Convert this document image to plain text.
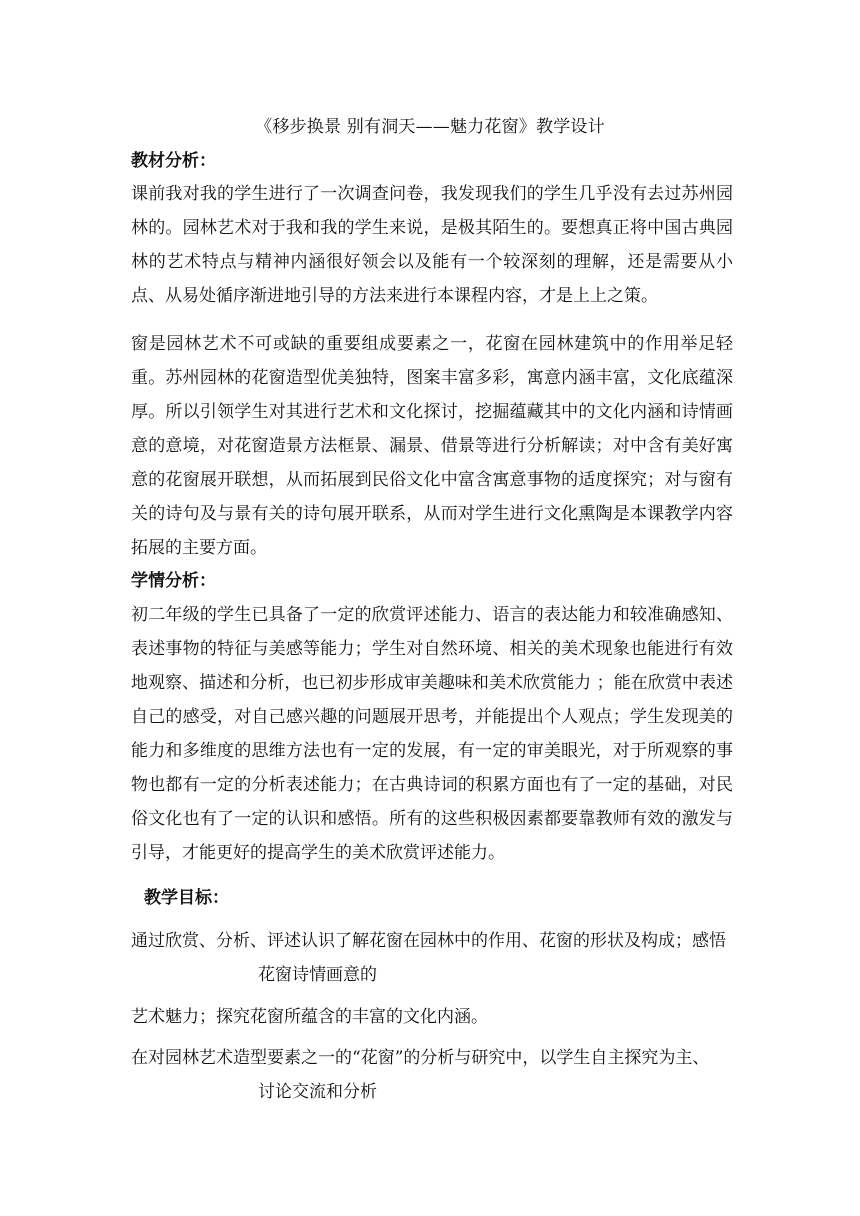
《移步换景 别有洞天——魅力花窗》教学设计
教材分析：
课前我对我的学生进行了一次调查问卷，我发现我们的学生几乎没有去过苏州园林的。园林艺术对于我和我的学生来说，是极其陌生的。要想真正将中国古典园林的艺术特点与精神内涵很好领会以及能有一个较深刻的理解，还是需要从小点、从易处循序渐进地引导的方法来进行本课程内容，才是上上之策。
窗是园林艺术不可或缺的重要组成要素之一，花窗在园林建筑中的作用举足轻重。苏州园林的花窗造型优美独特，图案丰富多彩，寓意内涵丰富，文化底蕴深厚。所以引领学生对其进行艺术和文化探讨，挖掘蕴藏其中的文化内涵和诗情画意的意境，对花窗造景方法框景、漏景、借景等进行分析解读；对中含有美好寓意的花窗展开联想，从而拓展到民俗文化中富含寓意事物的适度探究；对与窗有关的诗句及与景有关的诗句展开联系，从而对学生进行文化熏陶是本课教学内容拓展的主要方面。
学情分析：
初二年级的学生已具备了一定的欣赏评述能力、语言的表达能力和较准确感知、表述事物的特征与美感等能力；学生对自然环境、相关的美术现象也能进行有效地观察、描述和分析，也已初步形成审美趣味和美术欣赏能力 ；能在欣赏中表述自己的感受，对自己感兴趣的问题展开思考，并能提出个人观点；学生发现美的能力和多维度的思维方法也有一定的发展，有一定的审美眼光，对于所观察的事物也都有一定的分析表述能力；在古典诗词的积累方面也有了一定的基础，对民俗文化也有了一定的认识和感悟。所有的这些积极因素都要靠教师有效的激发与引导，才能更好的提高学生的美术欣赏评述能力。
教学目标：
通过欣赏、分析、评述认识了解花窗在园林中的作用、花窗的形状及构成；感悟
花窗诗情画意的
艺术魅力；探究花窗所蕴含的丰富的文化内涵。
在对园林艺术造型要素之一的“花窗”的分析与研究中，以学生自主探究为主、
讨论交流和分析
